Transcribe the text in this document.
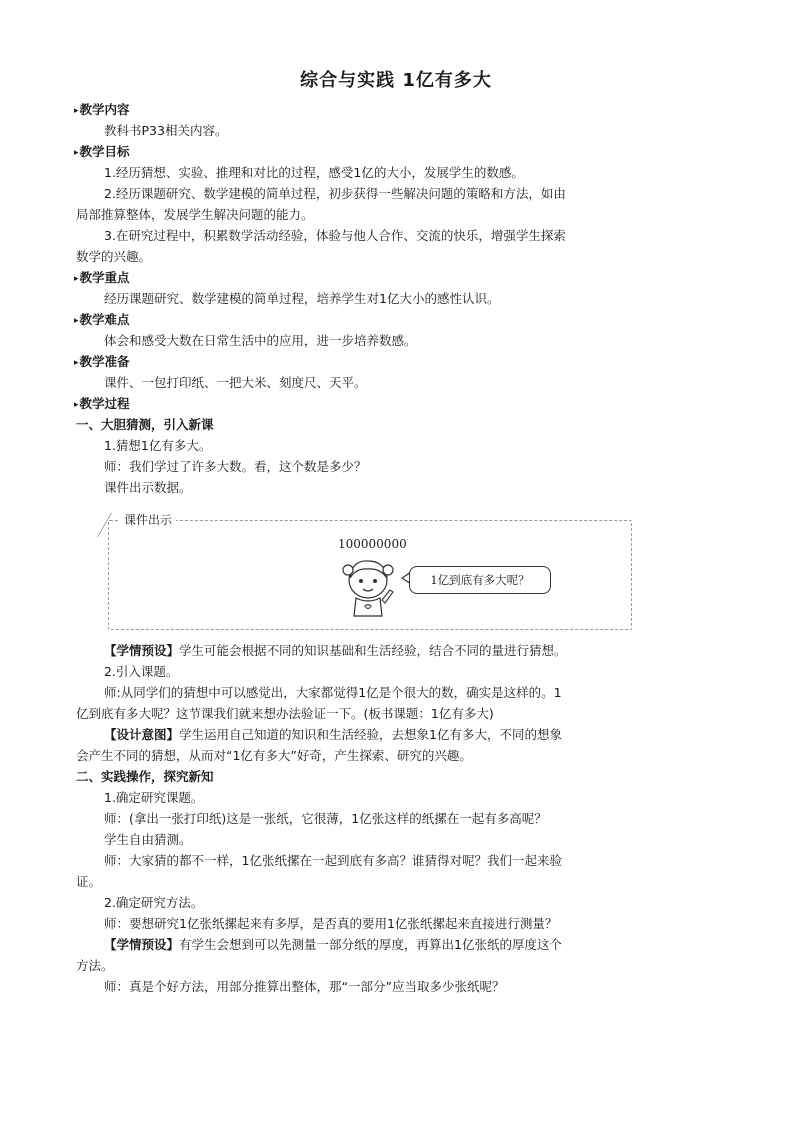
综合与实践 1亿有多大
▸ 教学内容
教科书P33相关内容。
▸ 教学目标
1.经历猜想、实验、推理和对比的过程，感受1亿的大小，发展学生的数感。
2.经历课题研究、数学建模的简单过程，初步获得一些解决问题的策略和方法，如由
局部推算整体，发展学生解决问题的能力。
3.在研究过程中，积累数学活动经验，体验与他人合作、交流的快乐，增强学生探索
数学的兴趣。
▸ 教学重点
经历课题研究、数学建模的简单过程，培养学生对1亿大小的感性认识。
▸ 教学难点
体会和感受大数在日常生活中的应用，进一步培养数感。
▸ 教学准备
课件、一包打印纸、一把大米、刻度尺、天平。
▸ 教学过程
一、大胆猜测，引入新课
1.猜想1亿有多大。
师：我们学过了许多大数。看，这个数是多少？
课件出示数据。
课件出示
100000000
1亿到底有多大呢？
【学情预设】学生可能会根据不同的知识基础和生活经验，结合不同的量进行猜想。
2.引入课题。
师:从同学们的猜想中可以感觉出，大家都觉得1亿是个很大的数，确实是这样的。1
亿到底有多大呢？这节课我们就来想办法验证一下。(板书课题：1亿有多大)
【设计意图】学生运用自己知道的知识和生活经验，去想象1亿有多大，不同的想象
会产生不同的猜想，从而对“1亿有多大”好奇，产生探索、研究的兴趣。
二、实践操作，探究新知
1.确定研究课题。
师：(拿出一张打印纸)这是一张纸，它很薄，1亿张这样的纸摞在一起有多高呢？
学生自由猜测。
师：大家猜的都不一样，1亿张纸摞在一起到底有多高？谁猜得对呢？我们一起来验
证。
2.确定研究方法。
师：要想研究1亿张纸摞起来有多厚，是否真的要用1亿张纸摞起来直接进行测量？
【学情预设】有学生会想到可以先测量一部分纸的厚度，再算出1亿张纸的厚度这个
方法。
师：真是个好方法，用部分推算出整体，那“一部分”应当取多少张纸呢？
